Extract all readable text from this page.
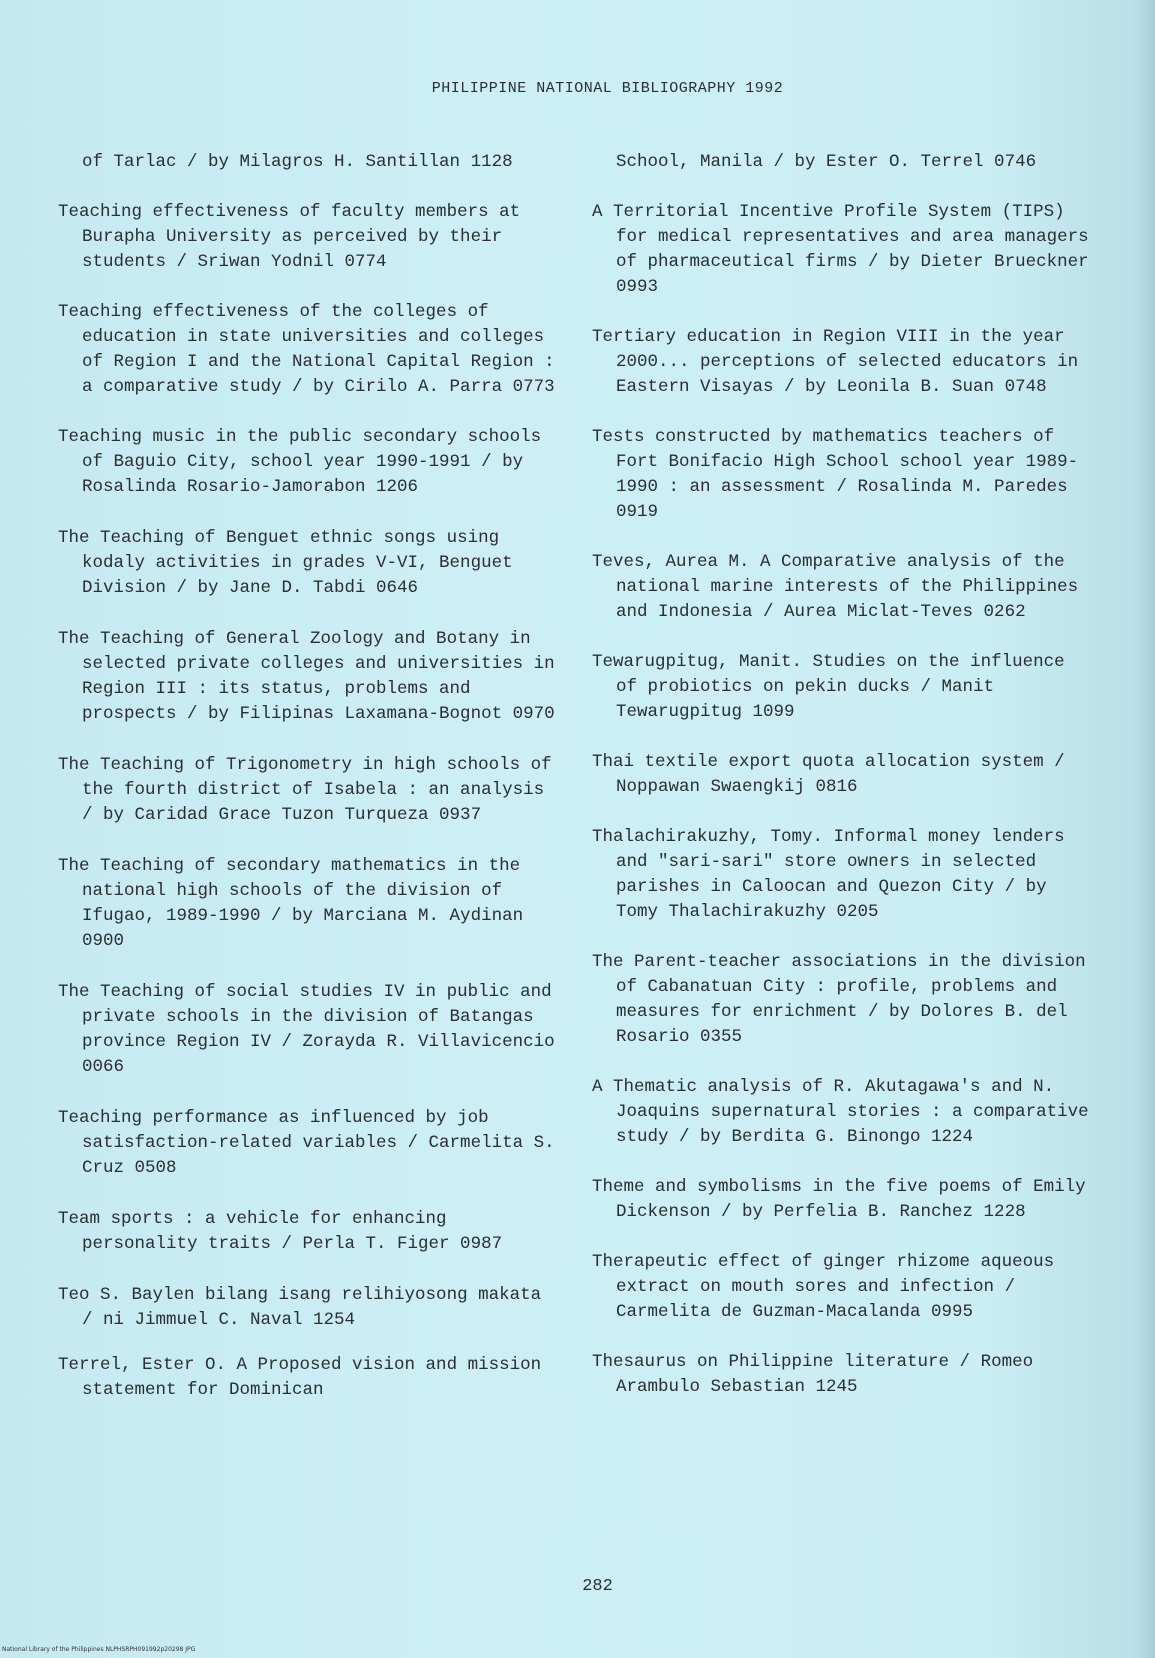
PHILIPPINE NATIONAL BIBLIOGRAPHY 1992

of Tarlac / by Milagros H. Santillan 1128

Teaching effectiveness of faculty members at Burapha University as perceived by their students / Sriwan Yodnil 0774

Teaching effectiveness of the colleges of education in state universities and colleges of Region I and the National Capital Region : a comparative study / by Cirilo A. Parra 0773

Teaching music in the public secondary schools of Baguio City, school year 1990-1991 / by Rosalinda Rosario-Jamorabon 1206

The Teaching of Benguet ethnic songs using kodaly activities in grades V-VI, Benguet Division / by Jane D. Tabdi 0646

The Teaching of General Zoology and Botany in selected private colleges and universities in Region III : its status, problems and prospects / by Filipinas Laxamana-Bognot 0970

The Teaching of Trigonometry in high schools of the fourth district of Isabela : an analysis / by Caridad Grace Tuzon Turqueza 0937

The Teaching of secondary mathematics in the national high schools of the division of Ifugao, 1989-1990 / by Marciana M. Aydinan 0900

The Teaching of social studies IV in public and private schools in the division of Batangas province Region IV / Zorayda R. Villavicencio 0066

Teaching performance as influenced by job satisfaction-related variables / Carmelita S. Cruz 0508

Team sports : a vehicle for enhancing personality traits / Perla T. Figer 0987

Teo S. Baylen bilang isang relihiyosong makata / ni Jimmuel C. Naval 1254

Terrel, Ester O. A Proposed vision and mission statement for Dominican

School, Manila / by Ester O. Terrel 0746

A Territorial Incentive Profile System (TIPS) for medical representatives and area managers of pharmaceutical firms / by Dieter Brueckner 0993

Tertiary education in Region VIII in the year 2000... perceptions of selected educators in Eastern Visayas / by Leonila B. Suan 0748

Tests constructed by mathematics teachers of Fort Bonifacio High School school year 1989-1990 : an assessment / Rosalinda M. Paredes 0919

Teves, Aurea M. A Comparative analysis of the national marine interests of the Philippines and Indonesia / Aurea Miclat-Teves 0262

Tewarugpitug, Manit. Studies on the influence of probiotics on pekin ducks / Manit Tewarugpitug 1099

Thai textile export quota allocation system / Noppawan Swaengkij 0816

Thalachirakuzhy, Tomy. Informal money lenders and "sari-sari" store owners in selected parishes in Caloocan and Quezon City / by Tomy Thalachirakuzhy 0205

The Parent-teacher associations in the division of Cabanatuan City : profile, problems and measures for enrichment / by Dolores B. del Rosario 0355

A Thematic analysis of R. Akutagawa's and N. Joaquins supernatural stories : a comparative study / by Berdita G. Binongo 1224

Theme and symbolisms in the five poems of Emily Dickenson / by Perfelia B. Ranchez 1228

Therapeutic effect of ginger rhizome aqueous extract on mouth sores and infection / Carmelita de Guzman-Macalanda 0995

Thesaurus on Philippine literature / Romeo Arambulo Sebastian 1245

282
National Library of the Philippines NLPHSRPH091992p20298 JPG
